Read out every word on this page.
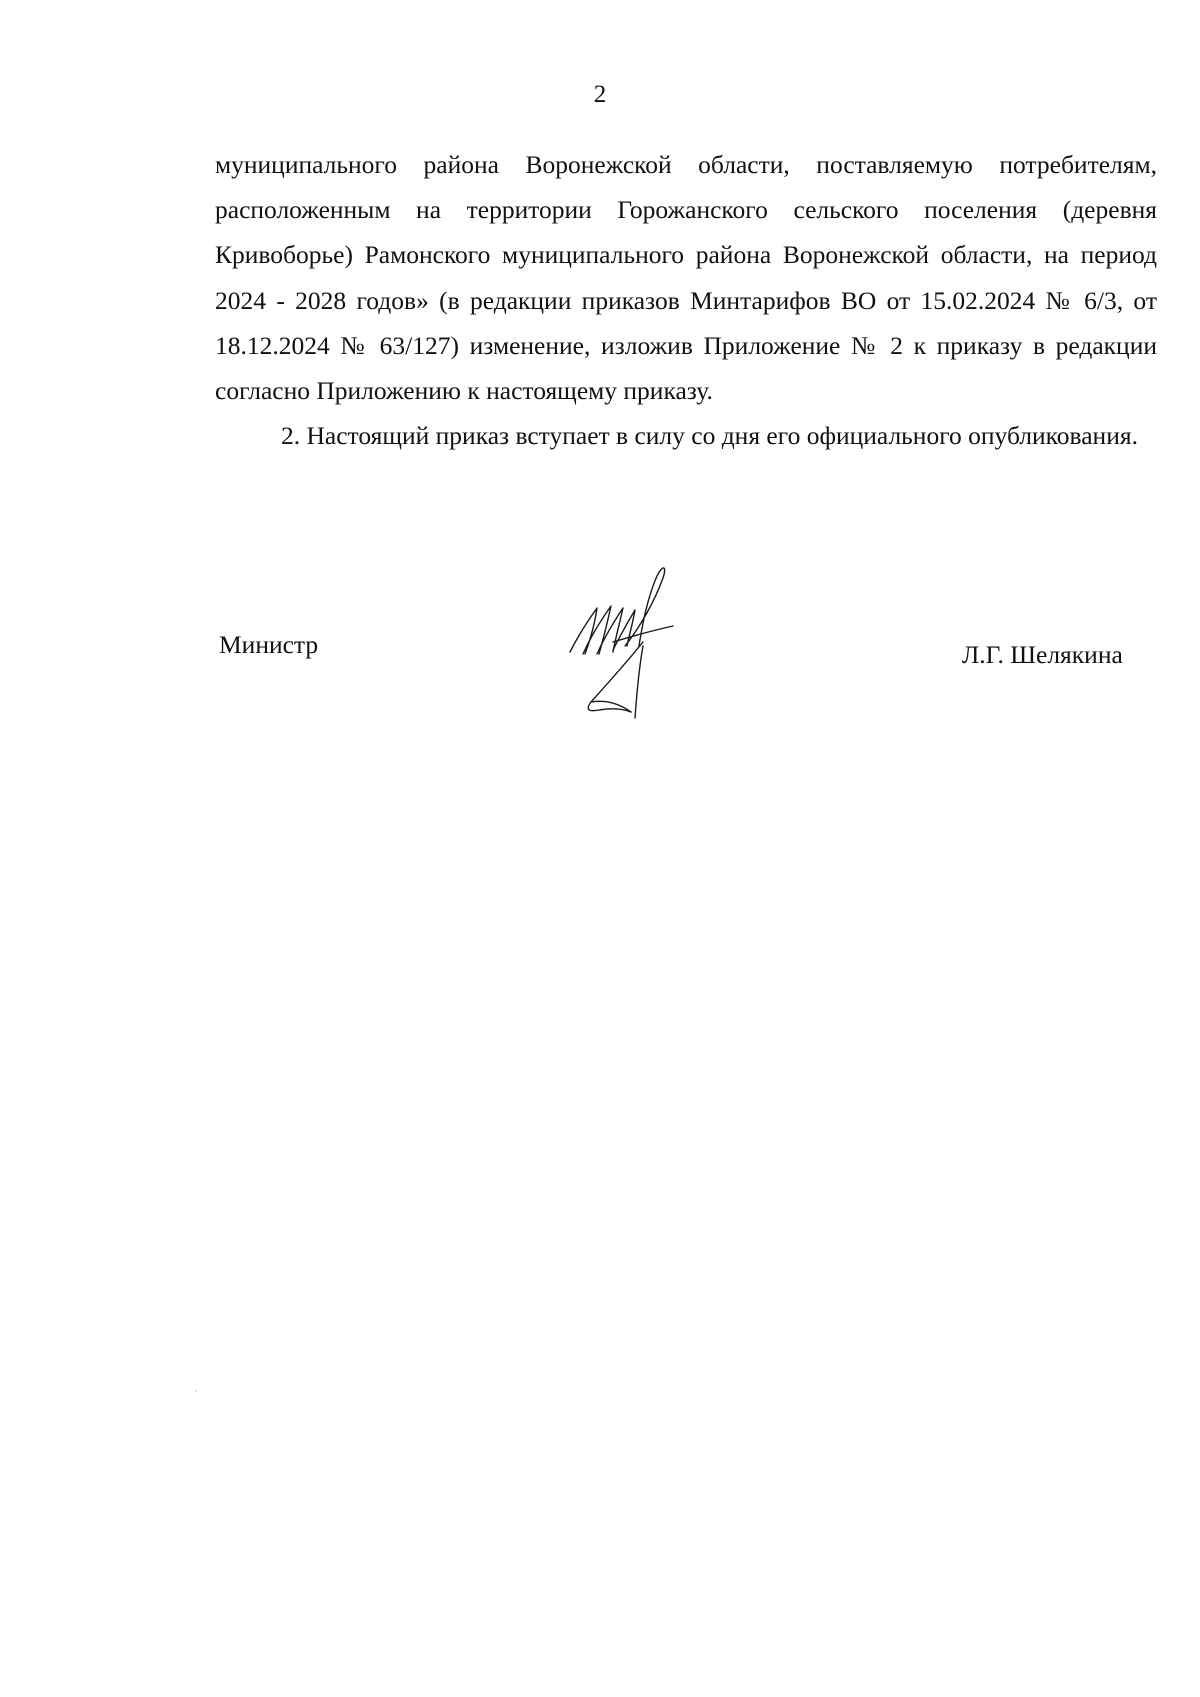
2

муниципального района Воронежской области, поставляемую потребителям, расположенным на территории Горожанского сельского поселения (деревня Кривоборье) Рамонского муниципального района Воронежской области, на период 2024 - 2028 годов» (в редакции приказов Минтарифов ВО от 15.02.2024 № 6/3, от 18.12.2024 № 63/127) изменение, изложив Приложение № 2 к приказу в редакции согласно Приложению к настоящему приказу.

2. Настоящий приказ вступает в силу со дня его официального опубликования.

Министр	Л.Г. Шелякина
